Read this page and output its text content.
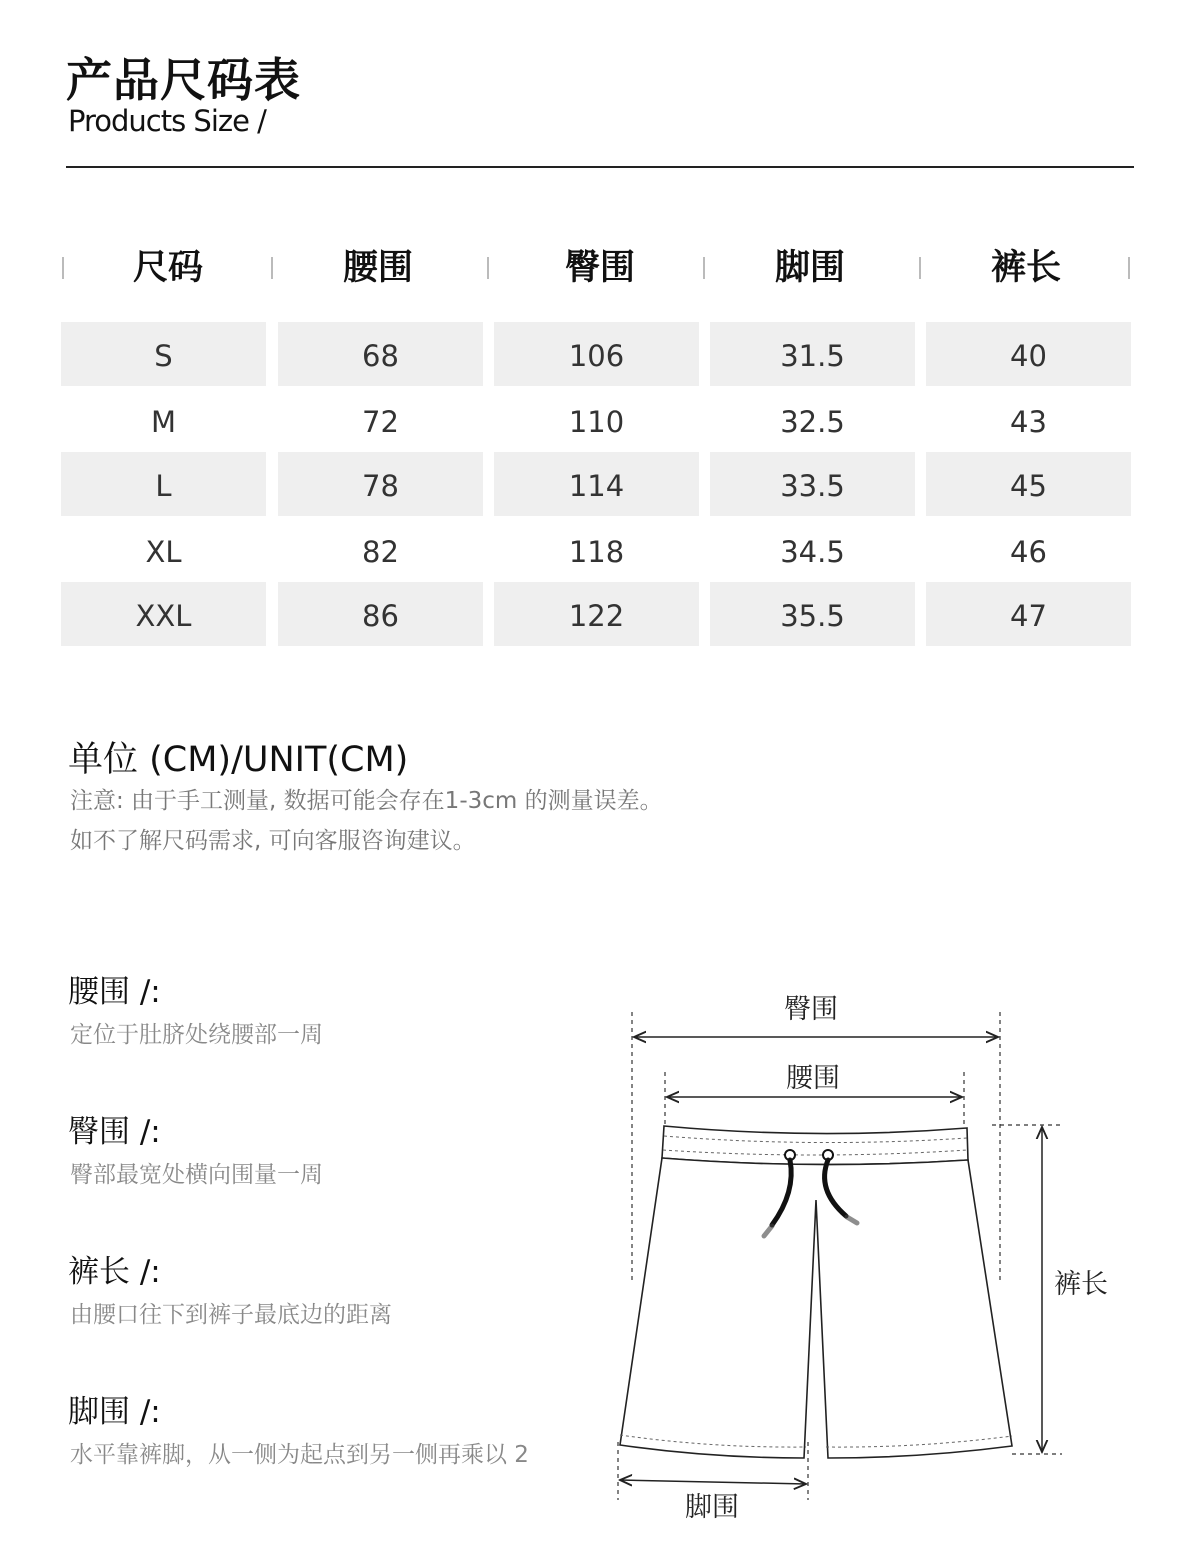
产品尺码表
Products Size /
尺码	腰围	臀围	脚围	裤长
S	68	106	31.5	40
M	72	110	32.5	43
L	78	114	33.5	45
XL	82	118	34.5	46
XXL	86	122	35.5	47
单位 (CM)/UNIT(CM)
注意: 由于手工测量, 数据可能会存在1-3cm 的测量误差。
如不了解尺码需求, 可向客服咨询建议。
腰围 /:
定位于肚脐处绕腰部一周
臀围 /:
臀部最宽处横向围量一周
裤长 /:
由腰口往下到裤子最底边的距离
脚围 /:
水平靠裤脚，从一侧为起点到另一侧再乘以 2
臀围
腰围
裤长
脚围
